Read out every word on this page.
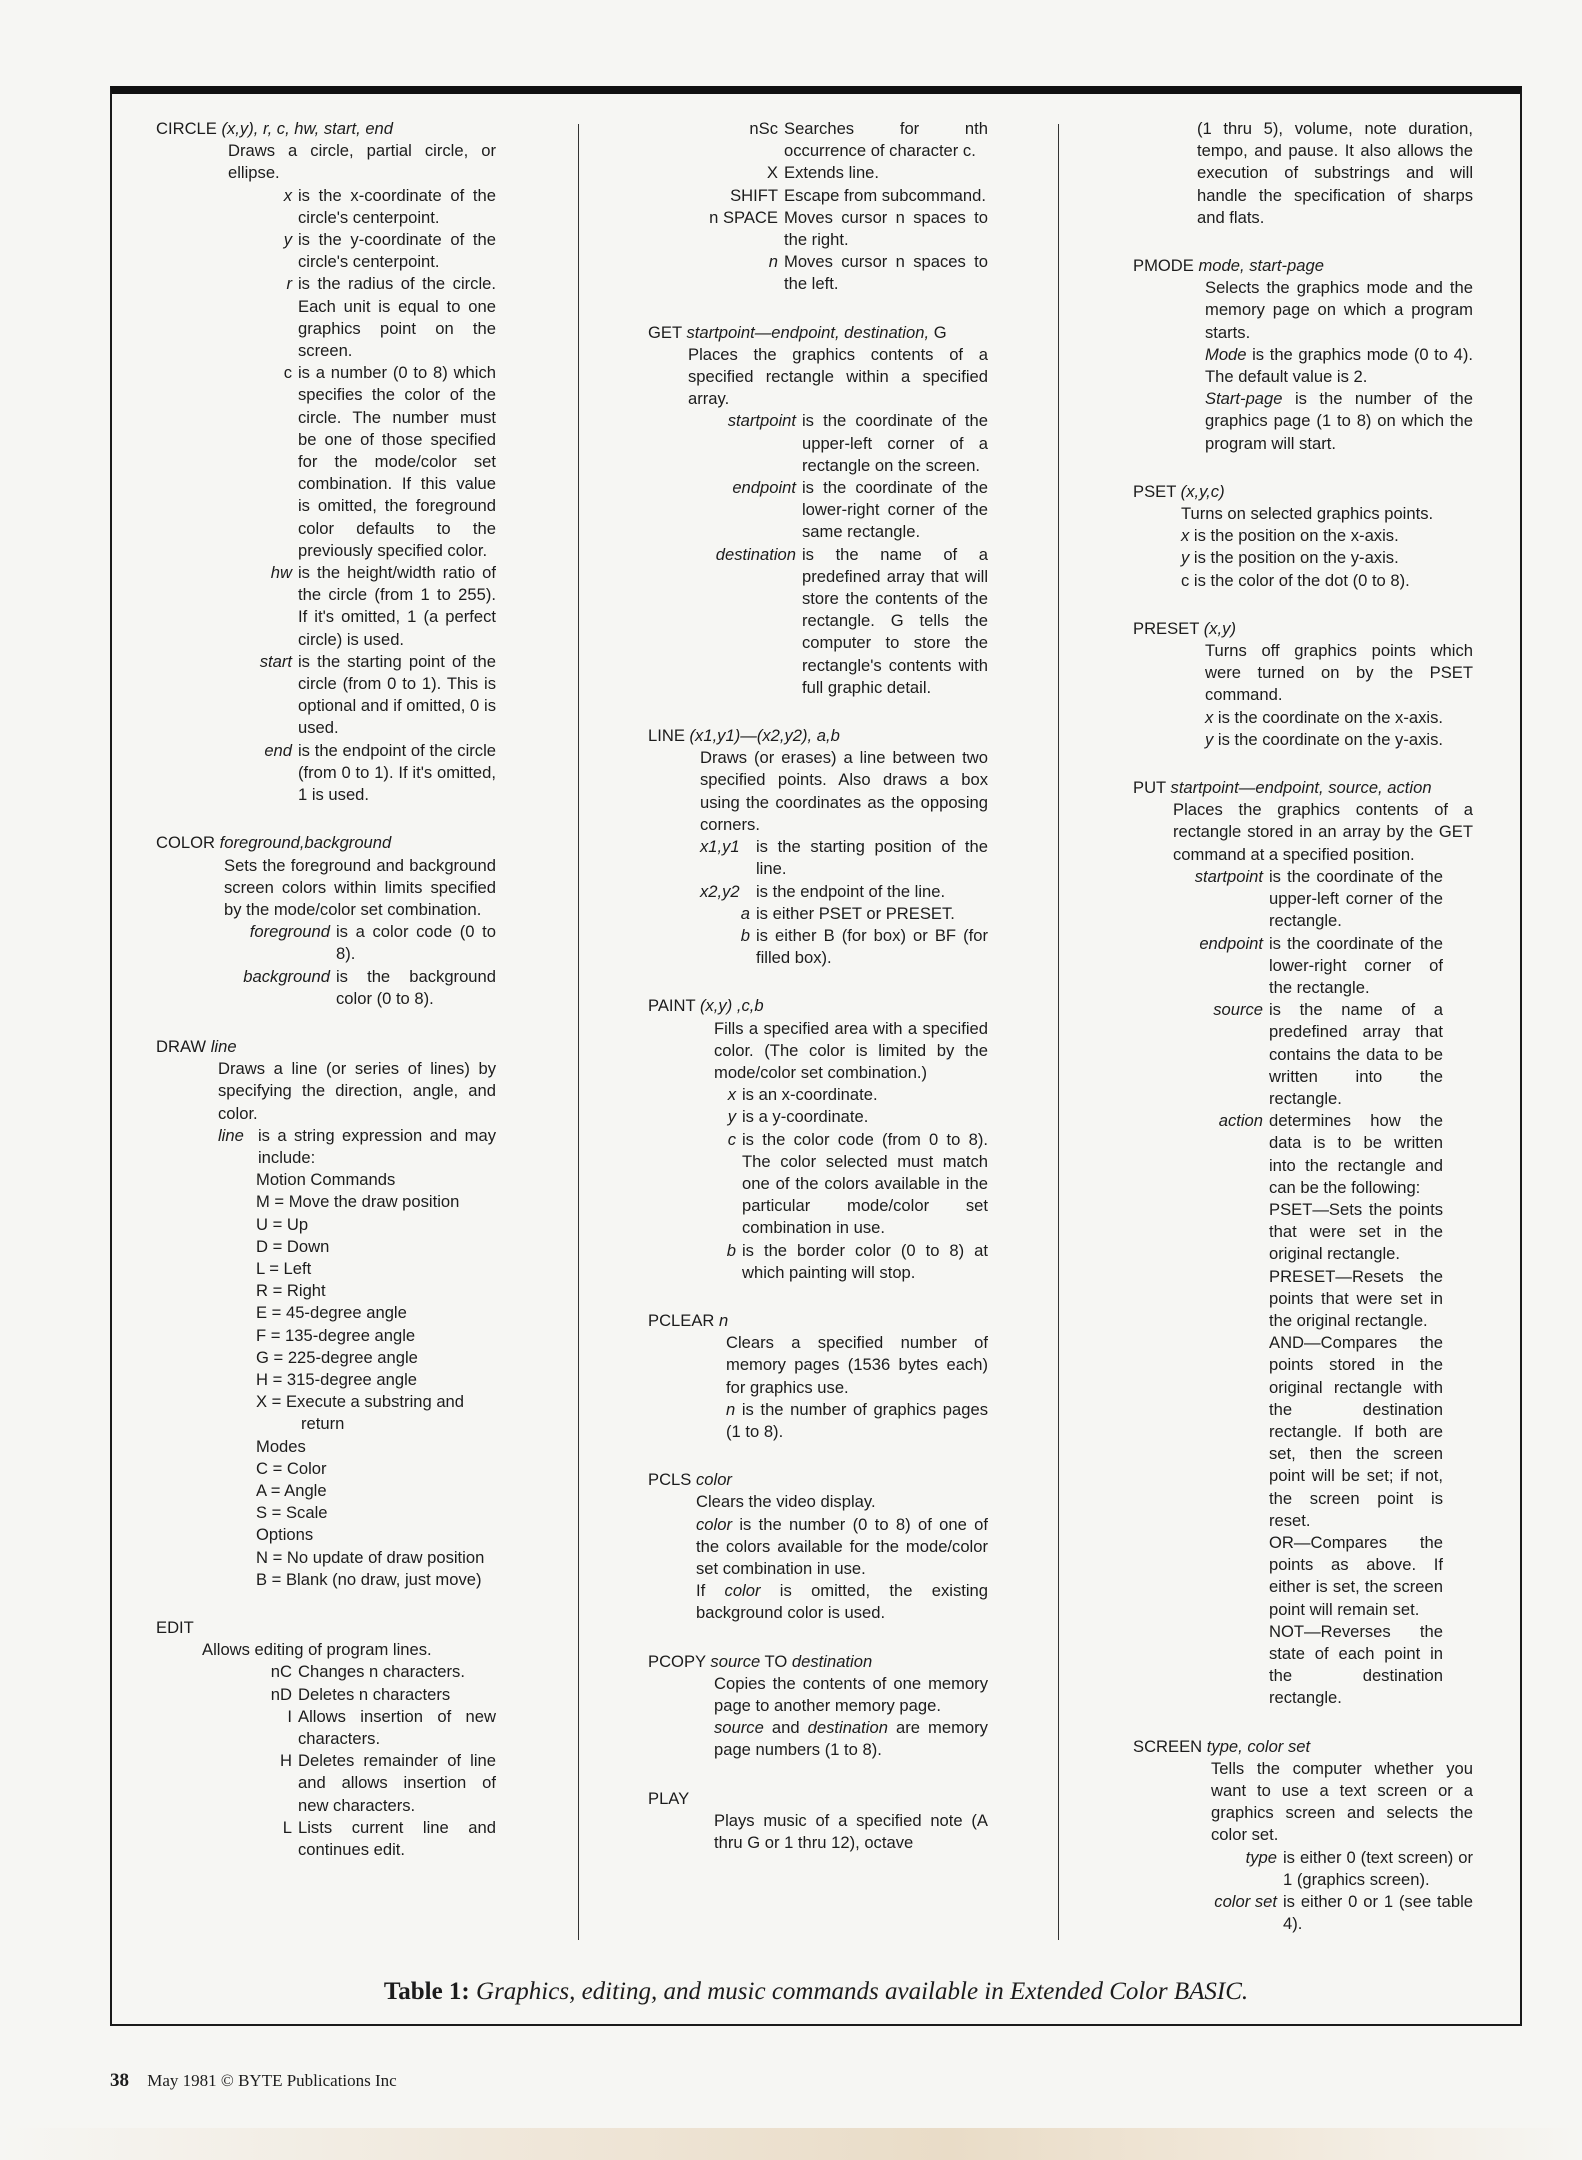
CIRCLE (x,y), r, c, hw, start, end
Draws a circle, partial circle, or ellipse.
x is the x-coordinate of the circle's centerpoint.
y is the y-coordinate of the circle's centerpoint.
r is the radius of the circle. Each unit is equal to one graphics point on the screen.
c is a number (0 to 8) which specifies the color of the circle. The number must be one of those specified for the mode/color set combination. If this value is omitted, the foreground color defaults to the previously specified color.
hw is the height/width ratio of the circle (from 1 to 255). If it's omitted, 1 (a perfect circle) is used.
start is the starting point of the circle (from 0 to 1). This is optional and if omitted, 0 is used.
end is the endpoint of the circle (from 0 to 1). If it's omitted, 1 is used.
COLOR foreground,background
Sets the foreground and background screen colors within limits specified by the mode/color set combination.
foreground is a color code (0 to 8).
background is the background color (0 to 8).
DRAW line
Draws a line (or series of lines) by specifying the direction, angle, and color.
line is a string expression and may include:
Motion Commands
M = Move the draw position
U = Up
D = Down
L = Left
R = Right
E = 45-degree angle
F = 135-degree angle
G = 225-degree angle
H = 315-degree angle
X = Execute a substring and return
Modes
C = Color
A = Angle
S = Scale
Options
N = No update of draw position
B = Blank (no draw, just move)
EDIT
Allows editing of program lines.
nC Changes n characters.
nD Deletes n characters
I Allows insertion of new characters.
H Deletes remainder of line and allows insertion of new characters.
L Lists current line and continues edit.
nSc Searches for nth occurrence of character c.
X Extends line.
SHIFT Escape from subcommand.
n SPACE Moves cursor n spaces to the right.
n Moves cursor n spaces to the left.
GET startpoint—endpoint, destination, G
Places the graphics contents of a specified rectangle within a specified array.
startpoint is the coordinate of the upper-left corner of a rectangle on the screen.
endpoint is the coordinate of the lower-right corner of the same rectangle.
destination is the name of a predefined array that will store the contents of the rectangle. G tells the computer to store the rectangle's contents with full graphic detail.
LINE (x1,y1)—(x2,y2), a,b
Draws (or erases) a line between two specified points. Also draws a box using the coordinates as the opposing corners.
x1,y1 is the starting position of the line.
x2,y2 is the endpoint of the line.
a is either PSET or PRESET.
b is either B (for box) or BF (for filled box).
PAINT (x,y) ,c,b
Fills a specified area with a specified color. (The color is limited by the mode/color set combination.)
x is an x-coordinate.
y is a y-coordinate.
c is the color code (from 0 to 8). The color selected must match one of the colors available in the particular mode/color set combination in use.
b is the border color (0 to 8) at which painting will stop.
PCLEAR n
Clears a specified number of memory pages (1536 bytes each) for graphics use.
n is the number of graphics pages (1 to 8).
PCLS color
Clears the video display.
color is the number (0 to 8) of one of the colors available for the mode/color set combination in use.
If color is omitted, the existing background color is used.
PCOPY source TO destination
Copies the contents of one memory page to another memory page.
source and destination are memory page numbers (1 to 8).
PLAY
Plays music of a specified note (A thru G or 1 thru 12), octave
(1 thru 5), volume, note duration, tempo, and pause. It also allows the execution of substrings and will handle the specification of sharps and flats.
PMODE mode, start-page
Selects the graphics mode and the memory page on which a program starts.
Mode is the graphics mode (0 to 4). The default value is 2.
Start-page is the number of the graphics page (1 to 8) on which the program will start.
PSET (x,y,c)
Turns on selected graphics points.
x is the position on the x-axis.
y is the position on the y-axis.
c is the color of the dot (0 to 8).
PRESET (x,y)
Turns off graphics points which were turned on by the PSET command.
x is the coordinate on the x-axis.
y is the coordinate on the y-axis.
PUT startpoint—endpoint, source, action
Places the graphics contents of a rectangle stored in an array by the GET command at a specified position.
startpoint is the coordinate of the upper-left corner of the rectangle.
endpoint is the coordinate of the lower-right corner of the rectangle.
source is the name of a predefined array that contains the data to be written into the rectangle.
action determines how the data is to be written into the rectangle and can be the following:
PSET—Sets the points that were set in the original rectangle.
PRESET—Resets the points that were set in the original rectangle.
AND—Compares the points stored in the original rectangle with the destination rectangle. If both are set, then the screen point will be set; if not, the screen point is reset.
OR—Compares the points as above. If either is set, the screen point will remain set.
NOT—Reverses the state of each point in the destination rectangle.
SCREEN type, color set
Tells the computer whether you want to use a text screen or a graphics screen and selects the color set.
type is either 0 (text screen) or 1 (graphics screen).
color set is either 0 or 1 (see table 4).
Table 1: Graphics, editing, and music commands available in Extended Color BASIC.
38 May 1981 © BYTE Publications Inc
